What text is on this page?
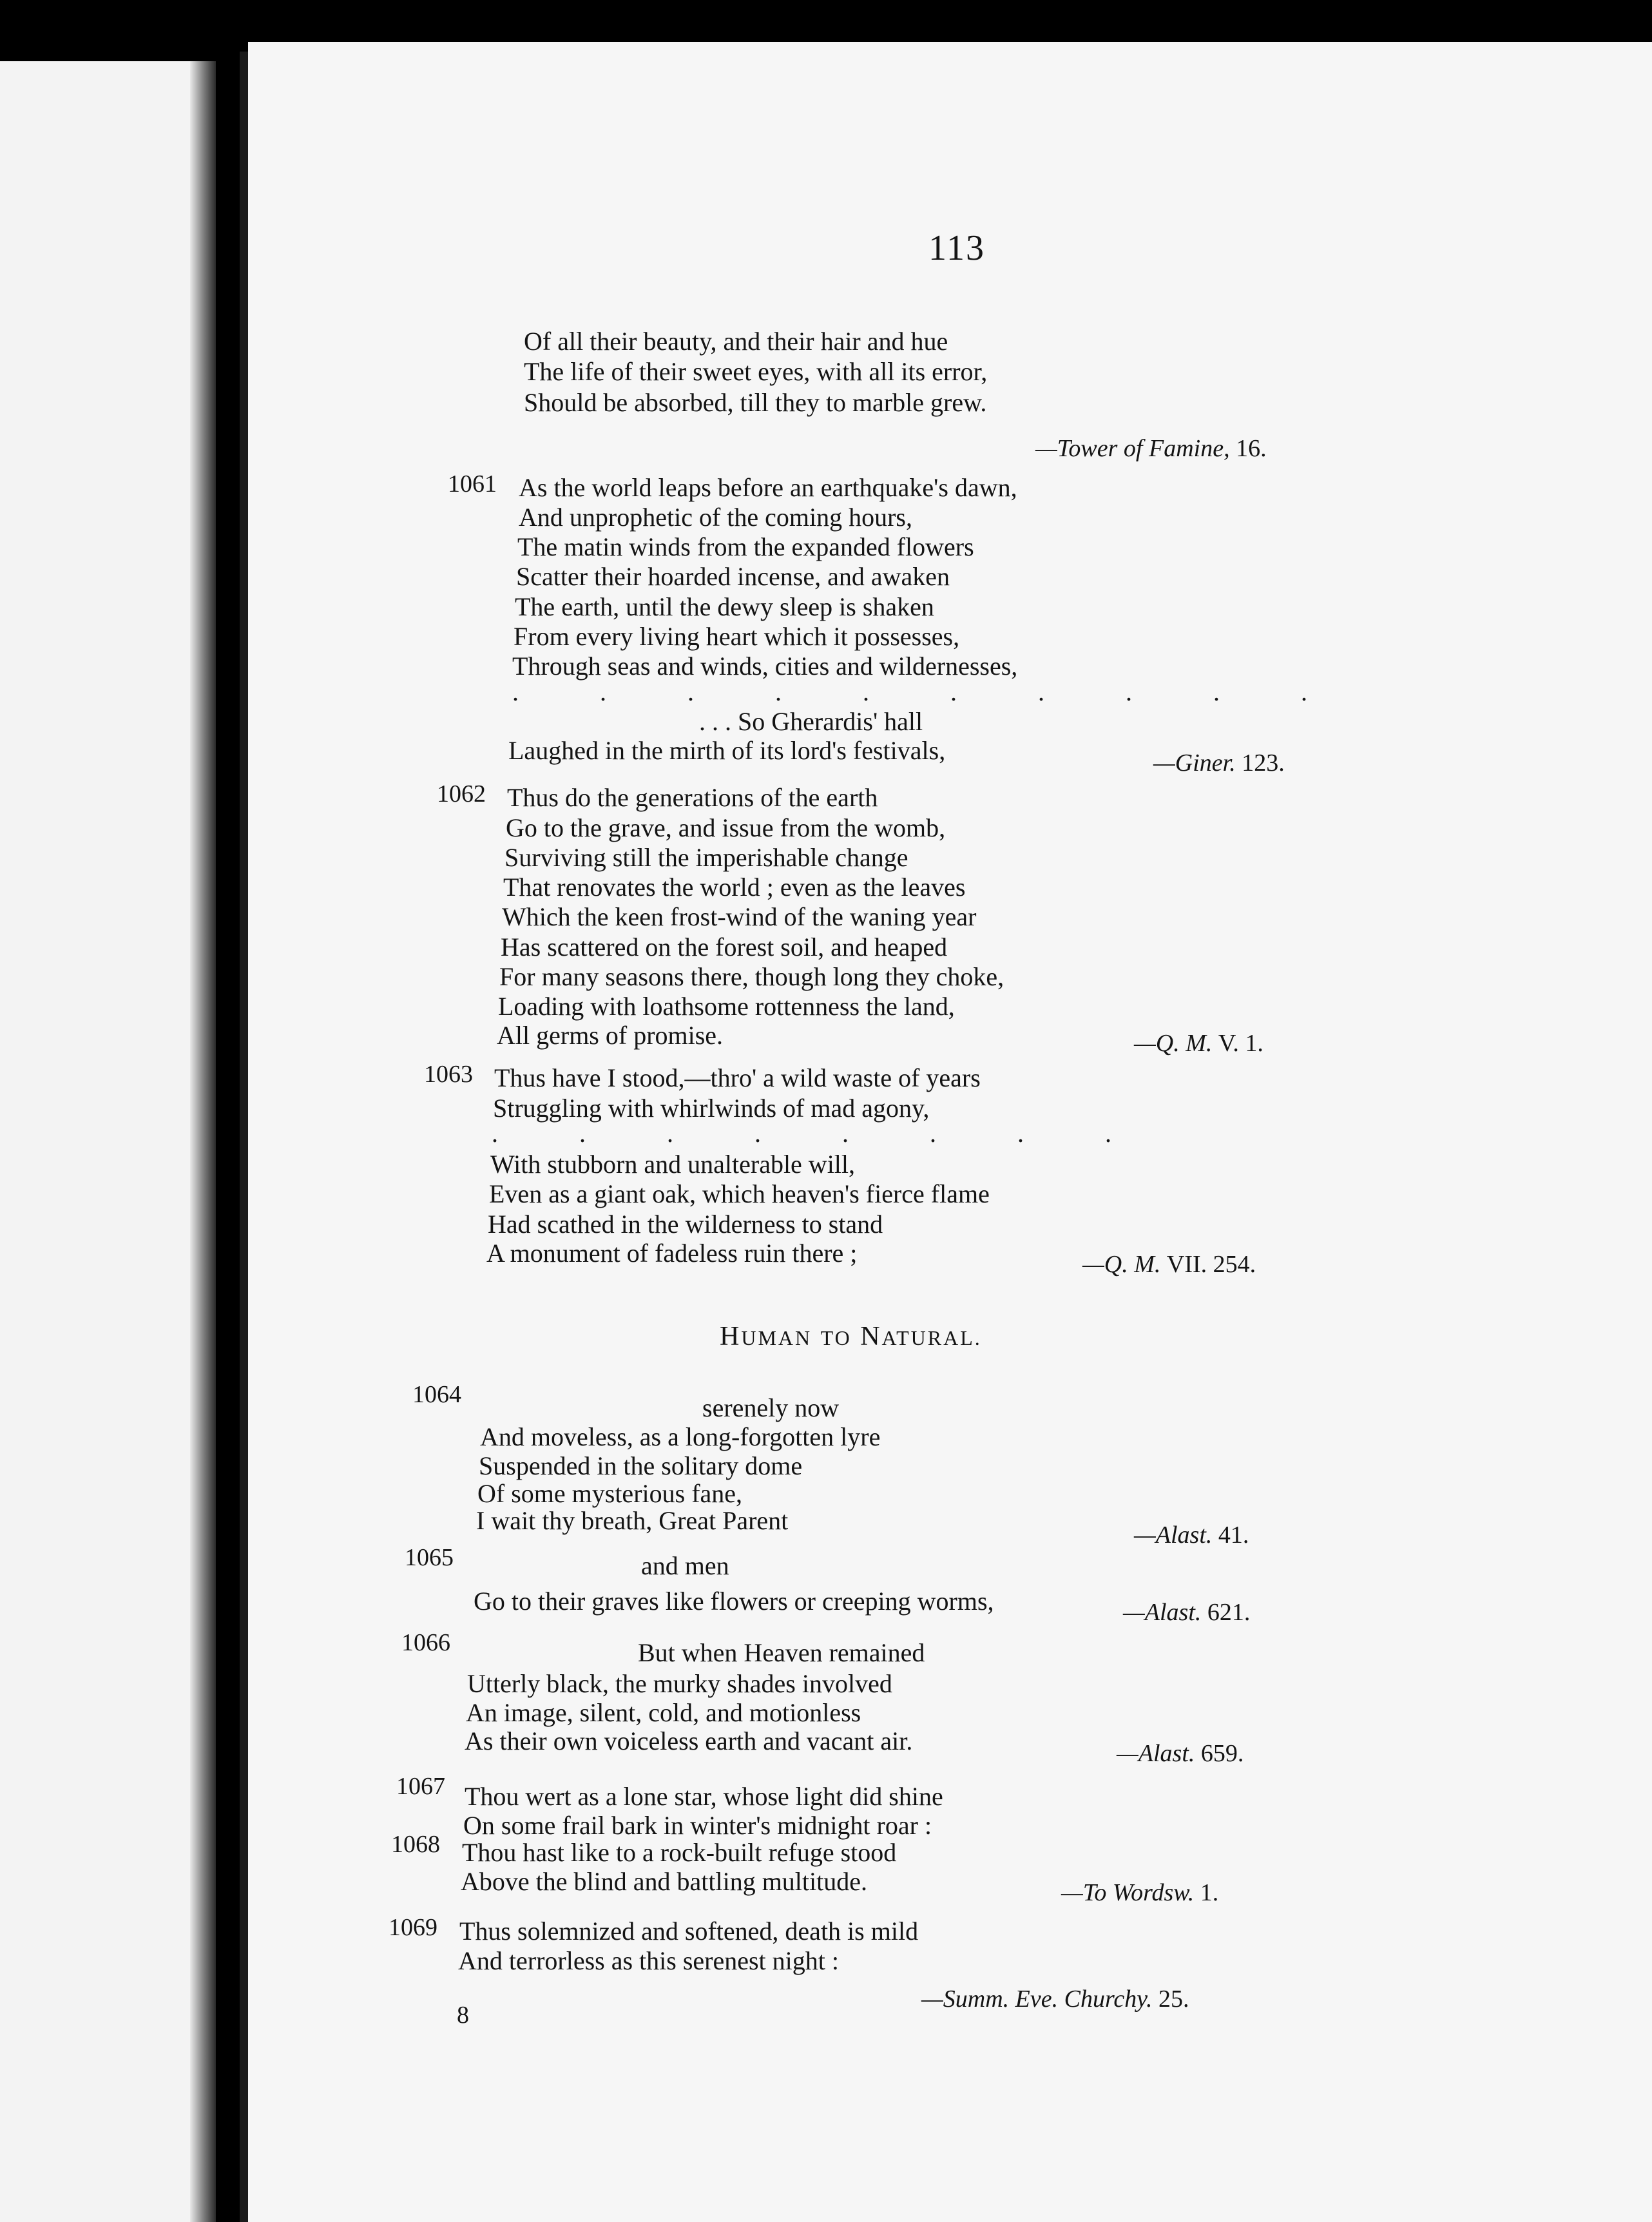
113
Of all their beauty, and their hair and hue
The life of their sweet eyes, with all its error,
Should be absorbed, till they to marble grew.
—Tower of Famine, 16.
1061 As the world leaps before an earthquake's dawn,
And unprophetic of the coming hours,
The matin winds from the expanded flowers
Scatter their hoarded incense, and awaken
The earth, until the dewy sleep is shaken
From every living heart which it possesses,
Through seas and winds, cities and wildernesses,
. . . . . . . . . .
. . . So Gherardis' hall
Laughed in the mirth of its lord's festivals,	—Giner. 123.
1062 Thus do the generations of the earth
Go to the grave, and issue from the womb,
Surviving still the imperishable change
That renovates the world ; even as the leaves
Which the keen frost-wind of the waning year
Has scattered on the forest soil, and heaped
For many seasons there, though long they choke,
Loading with loathsome rottenness the land,
All germs of promise.	—Q. M. V. 1.
1063 Thus have I stood,—thro' a wild waste of years
Struggling with whirlwinds of mad agony,
. . . . . . . .
With stubborn and unalterable will,
Even as a giant oak, which heaven's fierce flame
Had scathed in the wilderness to stand
A monument of fadeless ruin there ;	—Q. M. VII. 254.
HUMAN TO NATURAL.
1064	serenely now
And moveless, as a long-forgotten lyre
Suspended in the solitary dome
Of some mysterious fane,
I wait thy breath, Great Parent	—Alast. 41.
1065	and men
Go to their graves like flowers or creeping worms,	—Alast. 621.
1066	But when Heaven remained
Utterly black, the murky shades involved
An image, silent, cold, and motionless
As their own voiceless earth and vacant air.	—Alast. 659.
1067 Thou wert as a lone star, whose light did shine
On some frail bark in winter's midnight roar :
1068 Thou hast like to a rock-built refuge stood
Above the blind and battling multitude.	—To Wordsw. 1.
1069 Thus solemnized and softened, death is mild
And terrorless as this serenest night :
—Summ. Eve. Churchy. 25.
8
